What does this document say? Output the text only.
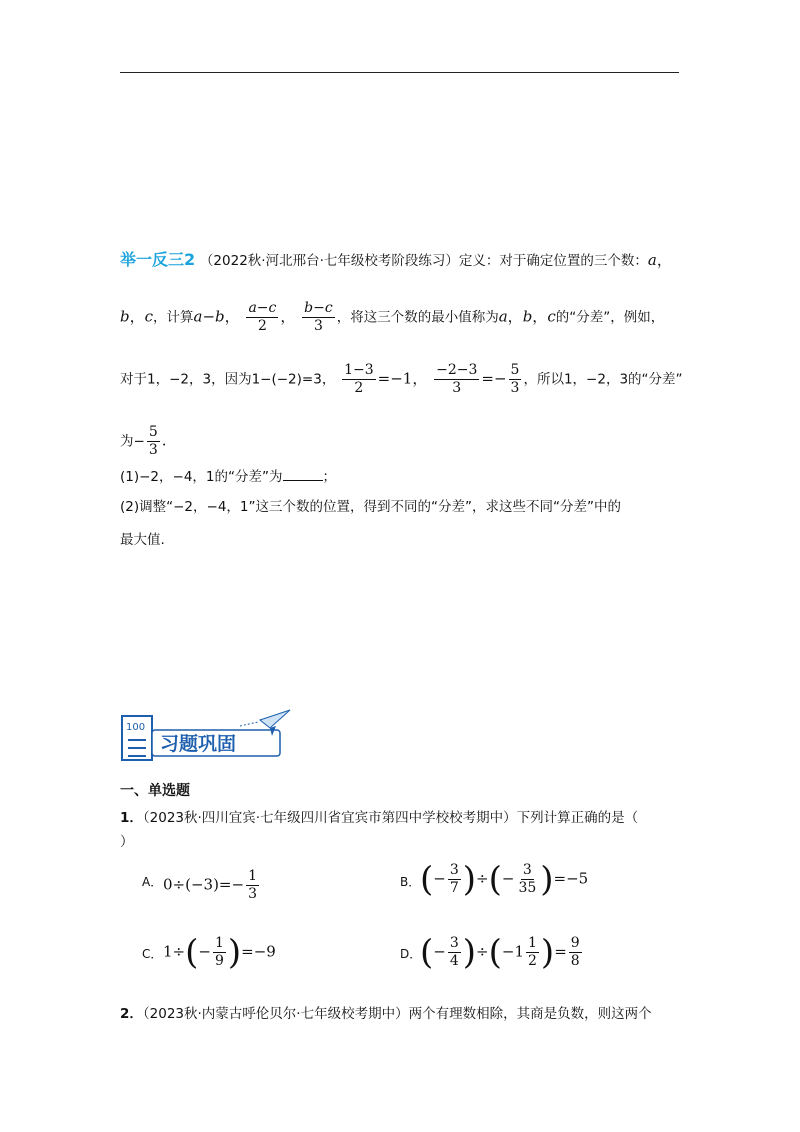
举一反三2 （2022秋·河北邢台·七年级校考阶段练习）定义：对于确定位置的三个数：a，
b，c，计算a−b， $\frac{a-c}{2}$ ， $\frac{b-c}{3}$ ，将这三个数的最小值称为a，b，c的“分差”，例如，
对于1，−2，3，因为1−(−2)=3， $\frac{1-3}{2} =-1$， $\frac{-2-3}{3} =- \frac{5}{3}$ ，所以1，−2，3的“分差”
为− $\frac{5}{3}$ .
(1)−2，−4，1的“分差”为	；
(2)调整“−2，−4，1”这三个数的位置，得到不同的“分差”，求这些不同“分差”中的
最大值.
100
习题巩固
一、单选题
1．（2023秋·四川宜宾·七年级四川省宜宾市第四中学校校考期中）下列计算正确的是（
）
A． $0\div(-3)=- \frac{1}{3}$	B． (− $\frac{3}{7}$ )÷(− $\frac{3}{35} )=-5$
C． $1\div(- \frac{1}{9} )=-9$	D．
(− $\frac{3}{4} )\div(-1 \frac{1}{2}$ )= $\frac{9}{8}$
2．（2023秋·内蒙古呼伦贝尔·七年级校考期中）两个有理数相除，其商是负数，则这两个
